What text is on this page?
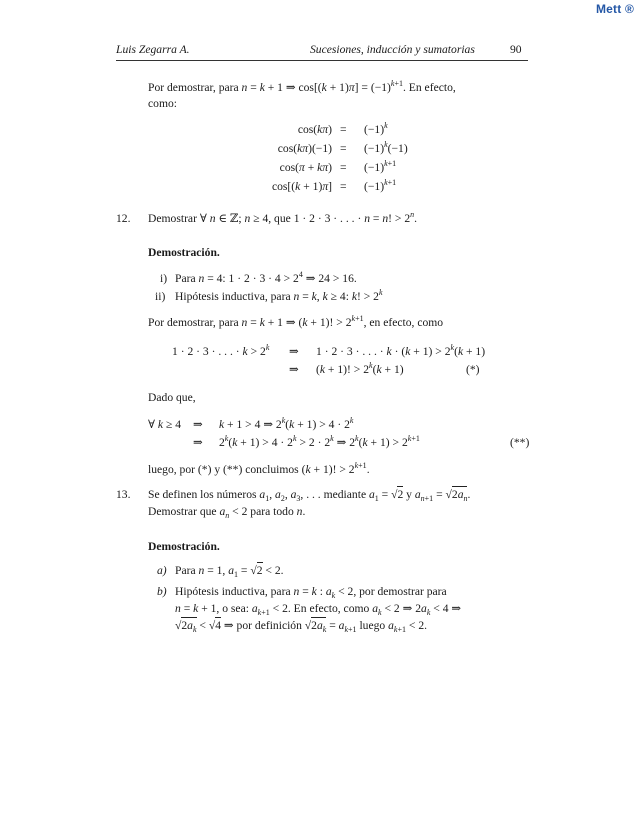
Mett ®
Luis Zegarra A.	Sucesiones, inducción y sumatorias	90
Por demostrar, para n = k + 1 ⇒ $\cos[(k + 1)\pi] = (-1)^{k+1}$. En efecto,
como:
$\cos(k\pi) = (-1)^k$
$\cos(k\pi)(-1) = (-1)^k(-1)$
$\cos(\pi + k\pi) = (-1)^{k+1}$
$\cos[(k + 1)\pi] = (-1)^{k+1}$
12. Demostrar ∀ n ∈ ℤ; n ≥ 4, que 1 · 2 · 3 · . . . · n = n! > $2^n$.
Demostración.
i) Para n = 4: $1 \cdot 2 \cdot 3 \cdot 4 > 2^4$ ⇒ 24 > 16.
ii) Hipótesis inductiva, para n = k, k ≥ 4: k! > $2^k$
Por demostrar, para n = k + 1 ⇒ (k + 1)! > $2^{k+1}$, en efecto, como
1 · 2 · 3 · . . . · $k > 2^k$ ⇒ 1 · 2 · 3 · . . . · $k \cdot (k + 1) > 2^k(k + 1)$
⇒ (k + 1)! > $2^k(k + 1)$	(*)
Dado que,
∀ k ≥ 4 ⇒ k + 1 > 4 ⇒ $2^k(k + 1) > 4 \cdot 2^k$
⇒ $2^k(k + 1) > 4 \cdot 2^k > 2 \cdot 2^k$ ⇒ $2^k(k + 1) > 2^{k+1}$	(**)
luego, por (*) y (**) concluimos (k + 1)! > $2^{k+1}$.
13. Se definen los números $a_1$, $a_2$, $a_3$, . . . mediante $a_1 = √2$ y $a_{n+1} = √2a_n$.
Demostrar que $a_n < 2$ para todo n.
Demostración.
a) Para n = 1, $a_1 = √2 < 2$.
b) Hipótesis inductiva, para n = k : $a_k < 2$, por demostrar para
n = k + 1, o sea: $a_{k+1} < 2$. En efecto, como $a_k < 2$ ⇒ $2a_k < 4$ ⇒
$√2a_k < √4$ ⇒ por definición $√2a_k = a_{k+1}$ luego $a_{k+1} < 2$.
